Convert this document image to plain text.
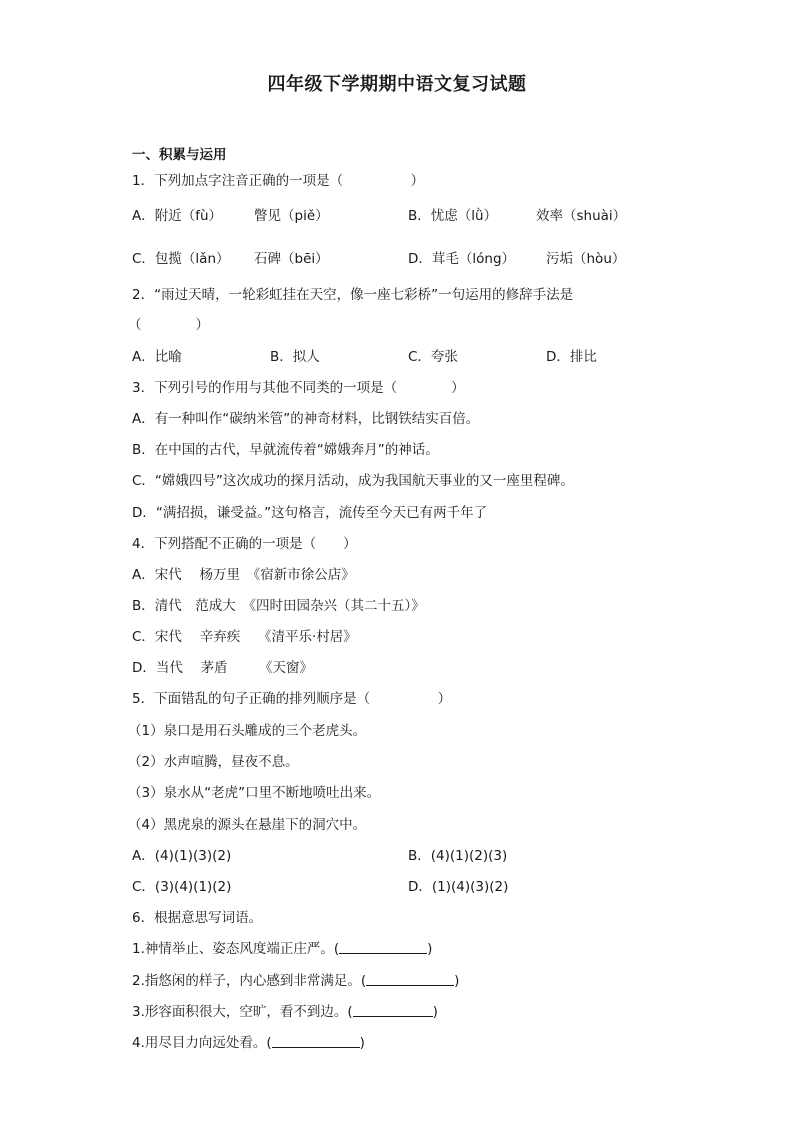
四年级下学期期中语文复习试题
一、积累与运用
1．下列加点字注音正确的一项是（　　　　　）
A．附近（fù） 瞥见（piě）	B．忧虑（lǜ）	效率（shuài）
C．包揽（lǎn） 石碑（bēi）	D．茸毛（lóng） 污垢（hòu）
2．“雨过天晴，一轮彩虹挂在天空，像一座七彩桥”一句运用的修辞手法是
（　　　　）
A．比喻	B．拟人	C．夸张	D．排比
3．下列引号的作用与其他不同类的一项是（　　　　）
A．有一种叫作“碳纳米管”的神奇材料，比钢铁结实百倍。
B．在中国的古代，早就流传着“嫦娥奔月”的神话。
C．“嫦娥四号”这次成功的探月活动，成为我国航天事业的又一座里程碑。
D．“满招损，谦受益。”这句格言，流传至今天已有两千年了
4．下列搭配不正确的一项是（　　）
A．宋代　 杨万里　《宿新市徐公店》
B．清代　范成大　《四时田园杂兴（其二十五）》
C．宋代　 辛弃疾　 《清平乐·村居》
D．当代　 茅盾　　 《天窗》
5．下面错乱的句子正确的排列顺序是（　　　　　）
（1）泉口是用石头雕成的三个老虎头。
（2）水声喧腾，昼夜不息。
（3）泉水从“老虎”口里不断地喷吐出来。
（4）黑虎泉的源头在悬崖下的洞穴中。
A．(4)(1)(3)(2)	B．(4)(1)(2)(3)
C．(3)(4)(1)(2)	D．(1)(4)(3)(2)
6．根据意思写词语。
1.神情举止、姿态风度端正庄严。(	)
2.指悠闲的样子，内心感到非常满足。(	)
3.形容面积很大，空旷，看不到边。(	)
4.用尽目力向远处看。(	)
